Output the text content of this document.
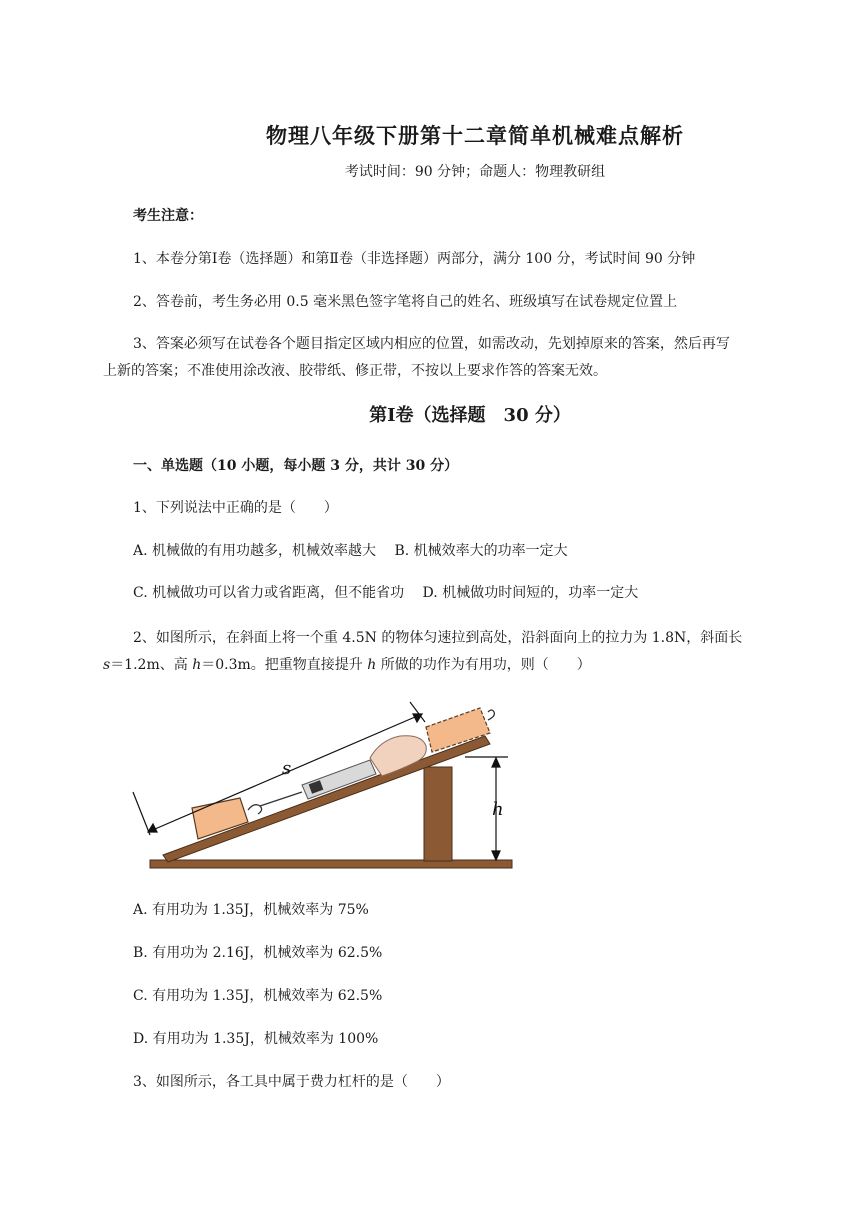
物理八年级下册第十二章简单机械难点解析
考试时间：90 分钟；命题人：物理教研组
考生注意：
1、本卷分第Ⅰ卷（选择题）和第Ⅱ卷（非选择题）两部分，满分 100 分，考试时间 90 分钟
2、答卷前，考生务必用 0.5 毫米黑色签字笔将自己的姓名、班级填写在试卷规定位置上
3、答案必须写在试卷各个题目指定区域内相应的位置，如需改动，先划掉原来的答案，然后再写
上新的答案；不准使用涂改液、胶带纸、修正带，不按以上要求作答的答案无效。
第Ⅰ卷（选择题　30 分）
一、单选题（10 小题，每小题 3 分，共计 30 分）
1、下列说法中正确的是（　　）
A. 机械做的有用功越多，机械效率越大　 B. 机械效率大的功率一定大
C. 机械做功可以省力或省距离，但不能省功　 D. 机械做功时间短的，功率一定大
2、如图所示，在斜面上将一个重 4.5N 的物体匀速拉到高处，沿斜面向上的拉力为 1.8N，斜面长
s＝1.2m、高 h＝0.3m。把重物直接提升 h 所做的功作为有用功，则（　　）
s
h
A. 有用功为 1.35J，机械效率为 75%
B. 有用功为 2.16J，机械效率为 62.5%
C. 有用功为 1.35J，机械效率为 62.5%
D. 有用功为 1.35J，机械效率为 100%
3、如图所示，各工具中属于费力杠杆的是（　　）
